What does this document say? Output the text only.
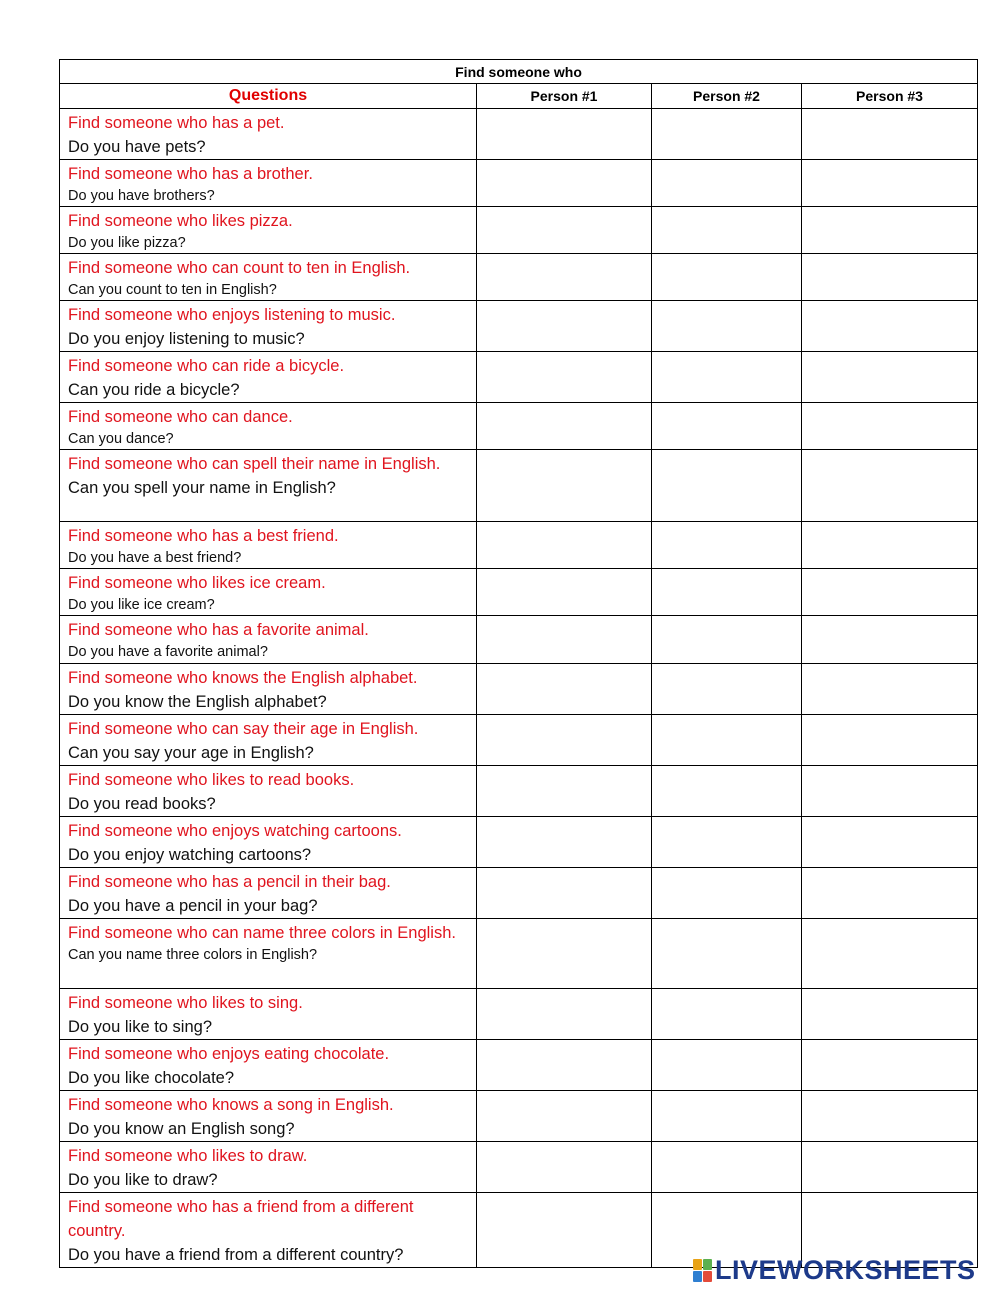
Find someone who			
Questions	Person #1	Person #2	Person #3

Find someone who has a pet.
Do you have pets?			

Find someone who has a brother.
Do you have brothers?			

Find someone who likes pizza.
Do you like pizza?			

Find someone who can count to ten in English.
Can you count to ten in English?			

Find someone who enjoys listening to music.
Do you enjoy listening to music?			

Find someone who can ride a bicycle.
Can you ride a bicycle?			

Find someone who can dance.
Can you dance?			

Find someone who can spell their name in English.
Can you spell your name in English?			

Find someone who has a best friend.
Do you have a best friend?			

Find someone who likes ice cream.
Do you like ice cream?			

Find someone who has a favorite animal.
Do you have a favorite animal?			

Find someone who knows the English alphabet.
Do you know the English alphabet?			

Find someone who can say their age in English.
Can you say your age in English?			

Find someone who likes to read books.
Do you read books?			

Find someone who enjoys watching cartoons.
Do you enjoy watching cartoons?			

Find someone who has a pencil in their bag.
Do you have a pencil in your bag?			

Find someone who can name three colors in English.
Can you name three colors in English?			

Find someone who likes to sing.
Do you like to sing?			

Find someone who enjoys eating chocolate.
Do you like chocolate?			

Find someone who knows a song in English.
Do you know an English song?			

Find someone who likes to draw.
Do you like to draw?			

Find someone who has a friend from a different country.
Do you have a friend from a different country?			
				LIVEWORKSHEETS
